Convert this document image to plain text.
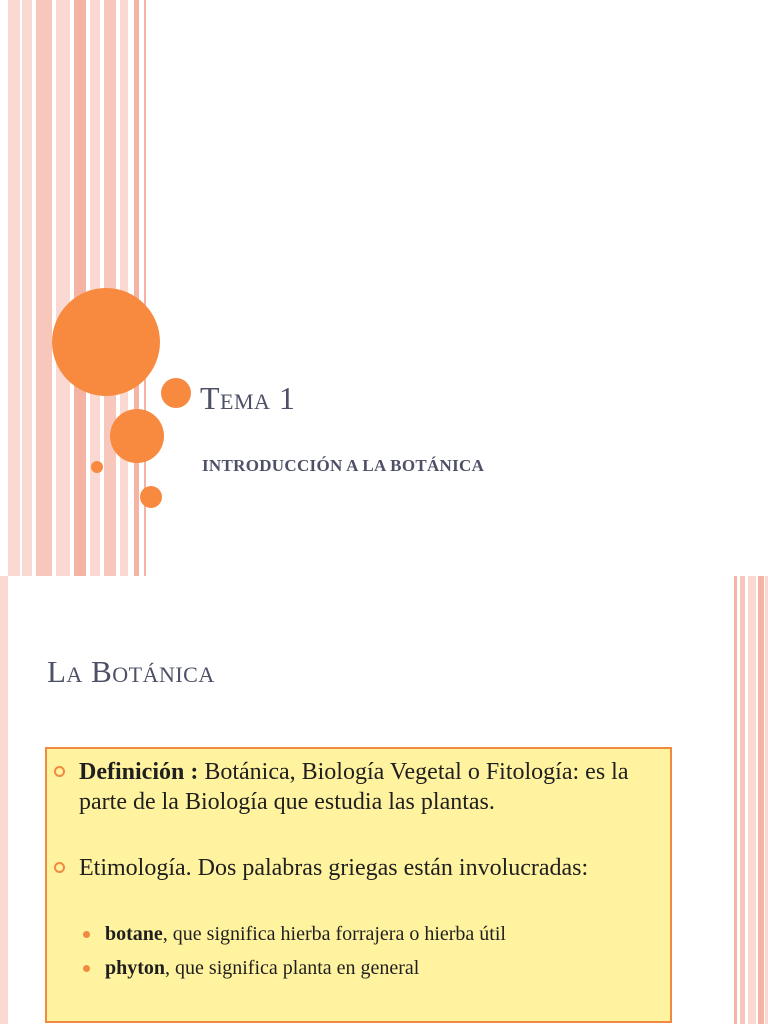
Tema 1

INTRODUCCIÓN A LA BOTÁNICA

La Botánica
Definición : Botánica, Biología Vegetal o Fitología: es la parte de la Biología que estudia las plantas.
Etimología. Dos palabras griegas están involucradas:
botane, que significa hierba forrajera o hierba útil
phyton, que significa planta en general
